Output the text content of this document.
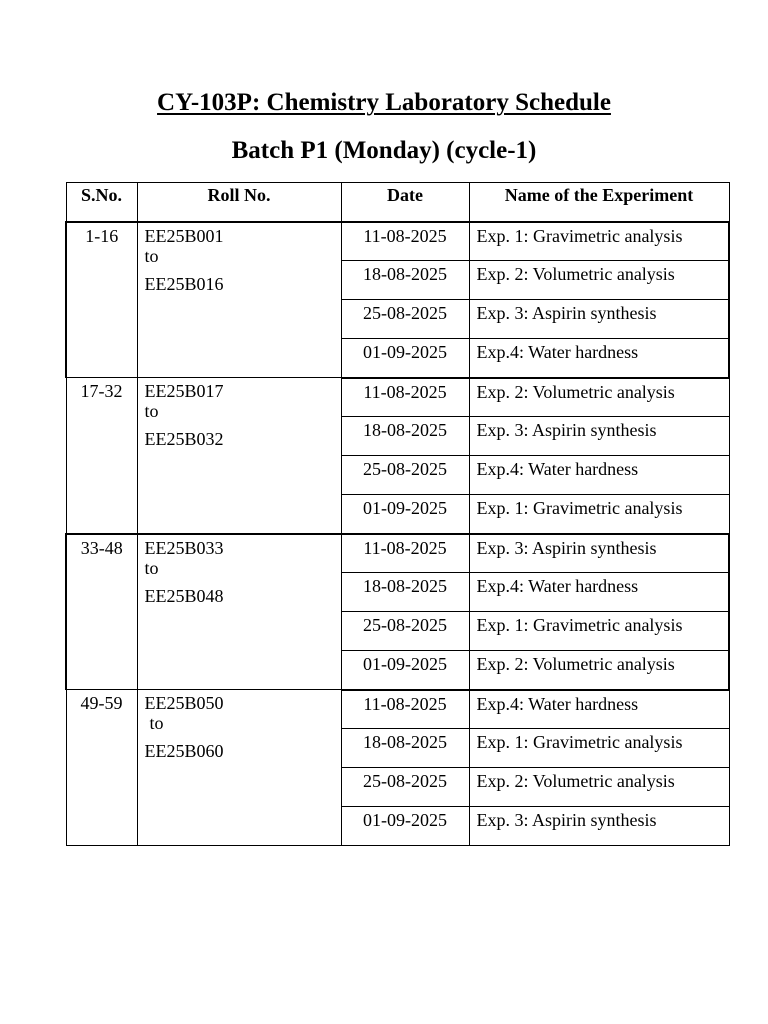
CY-103P: Chemistry Laboratory Schedule
Batch P1 (Monday) (cycle-1)
S.No.	Roll No.	Date	Name of the Experiment
1-16	EE25B001
to
EE25B016	11-08-2025	Exp. 1: Gravimetric analysis
		18-08-2025	Exp. 2: Volumetric analysis
		25-08-2025	Exp. 3: Aspirin synthesis
		01-09-2025	Exp.4: Water hardness
17-32	EE25B017
to
EE25B032	11-08-2025	Exp. 2: Volumetric analysis
		18-08-2025	Exp. 3: Aspirin synthesis
		25-08-2025	Exp.4: Water hardness
		01-09-2025	Exp. 1: Gravimetric analysis
33-48	EE25B033
to
EE25B048	11-08-2025	Exp. 3: Aspirin synthesis
		18-08-2025	Exp.4: Water hardness
		25-08-2025	Exp. 1: Gravimetric analysis
		01-09-2025	Exp. 2: Volumetric analysis
49-59	EE25B050
to
EE25B060	11-08-2025	Exp.4: Water hardness
		18-08-2025	Exp. 1: Gravimetric analysis
		25-08-2025	Exp. 2: Volumetric analysis
		01-09-2025	Exp. 3: Aspirin synthesis
